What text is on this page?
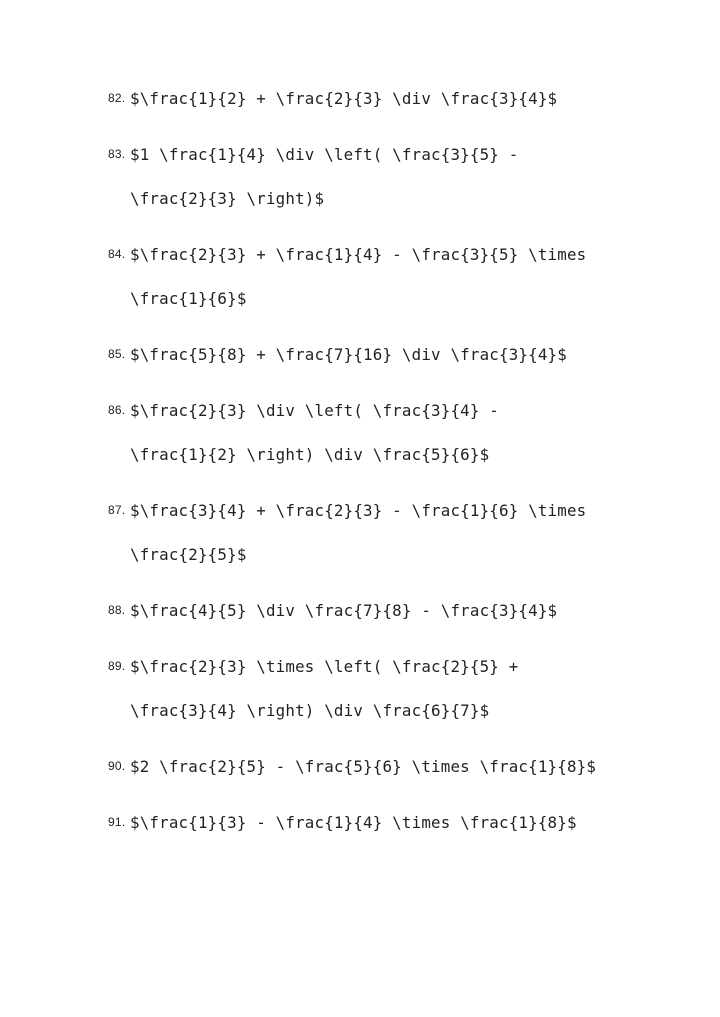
82.

$\frac{1}{2} + \frac{2}{3} \div \frac{3}{4}$

83.

$1 \frac{1}{4} \div \left( \frac{3}{5} -

\frac{2}{3} \right)$

84.

$\frac{2}{3} + \frac{1}{4} - \frac{3}{5} \times

\frac{1}{6}$

85.

$\frac{5}{8} + \frac{7}{16} \div \frac{3}{4}$

86.

$\frac{2}{3} \div \left( \frac{3}{4} -

\frac{1}{2} \right) \div \frac{5}{6}$

87.

$\frac{3}{4} + \frac{2}{3} - \frac{1}{6} \times

\frac{2}{5}$

88.

$\frac{4}{5} \div \frac{7}{8} - \frac{3}{4}$

89.

$\frac{2}{3} \times \left( \frac{2}{5} +

\frac{3}{4} \right) \div \frac{6}{7}$

90.

$2 \frac{2}{5} - \frac{5}{6} \times \frac{1}{8}$

91.

$\frac{1}{3} - \frac{1}{4} \times \frac{1}{8}$
